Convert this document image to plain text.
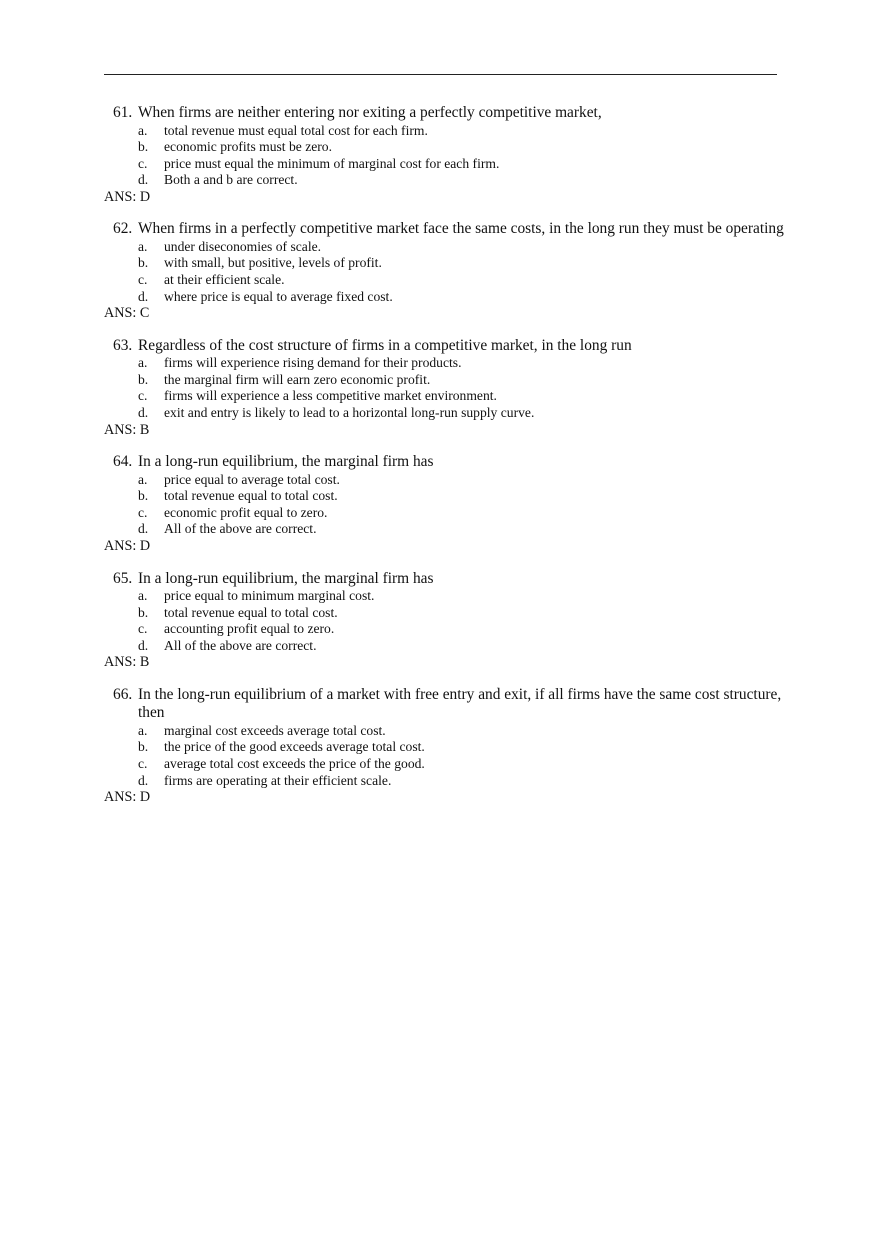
61. When firms are neither entering nor exiting a perfectly competitive market,
a. total revenue must equal total cost for each firm.
b. economic profits must be zero.
c. price must equal the minimum of marginal cost for each firm.
d. Both a and b are correct.
ANS: D
62. When firms in a perfectly competitive market face the same costs, in the long run they must be operating
a. under diseconomies of scale.
b. with small, but positive, levels of profit.
c. at their efficient scale.
d. where price is equal to average fixed cost.
ANS: C
63. Regardless of the cost structure of firms in a competitive market, in the long run
a. firms will experience rising demand for their products.
b. the marginal firm will earn zero economic profit.
c. firms will experience a less competitive market environment.
d. exit and entry is likely to lead to a horizontal long-run supply curve.
ANS: B
64. In a long-run equilibrium, the marginal firm has
a. price equal to average total cost.
b. total revenue equal to total cost.
c. economic profit equal to zero.
d. All of the above are correct.
ANS: D
65. In a long-run equilibrium, the marginal firm has
a. price equal to minimum marginal cost.
b. total revenue equal to total cost.
c. accounting profit equal to zero.
d. All of the above are correct.
ANS: B
66. In the long-run equilibrium of a market with free entry and exit, if all firms have the same cost structure, then
a. marginal cost exceeds average total cost.
b. the price of the good exceeds average total cost.
c. average total cost exceeds the price of the good.
d. firms are operating at their efficient scale.
ANS: D
